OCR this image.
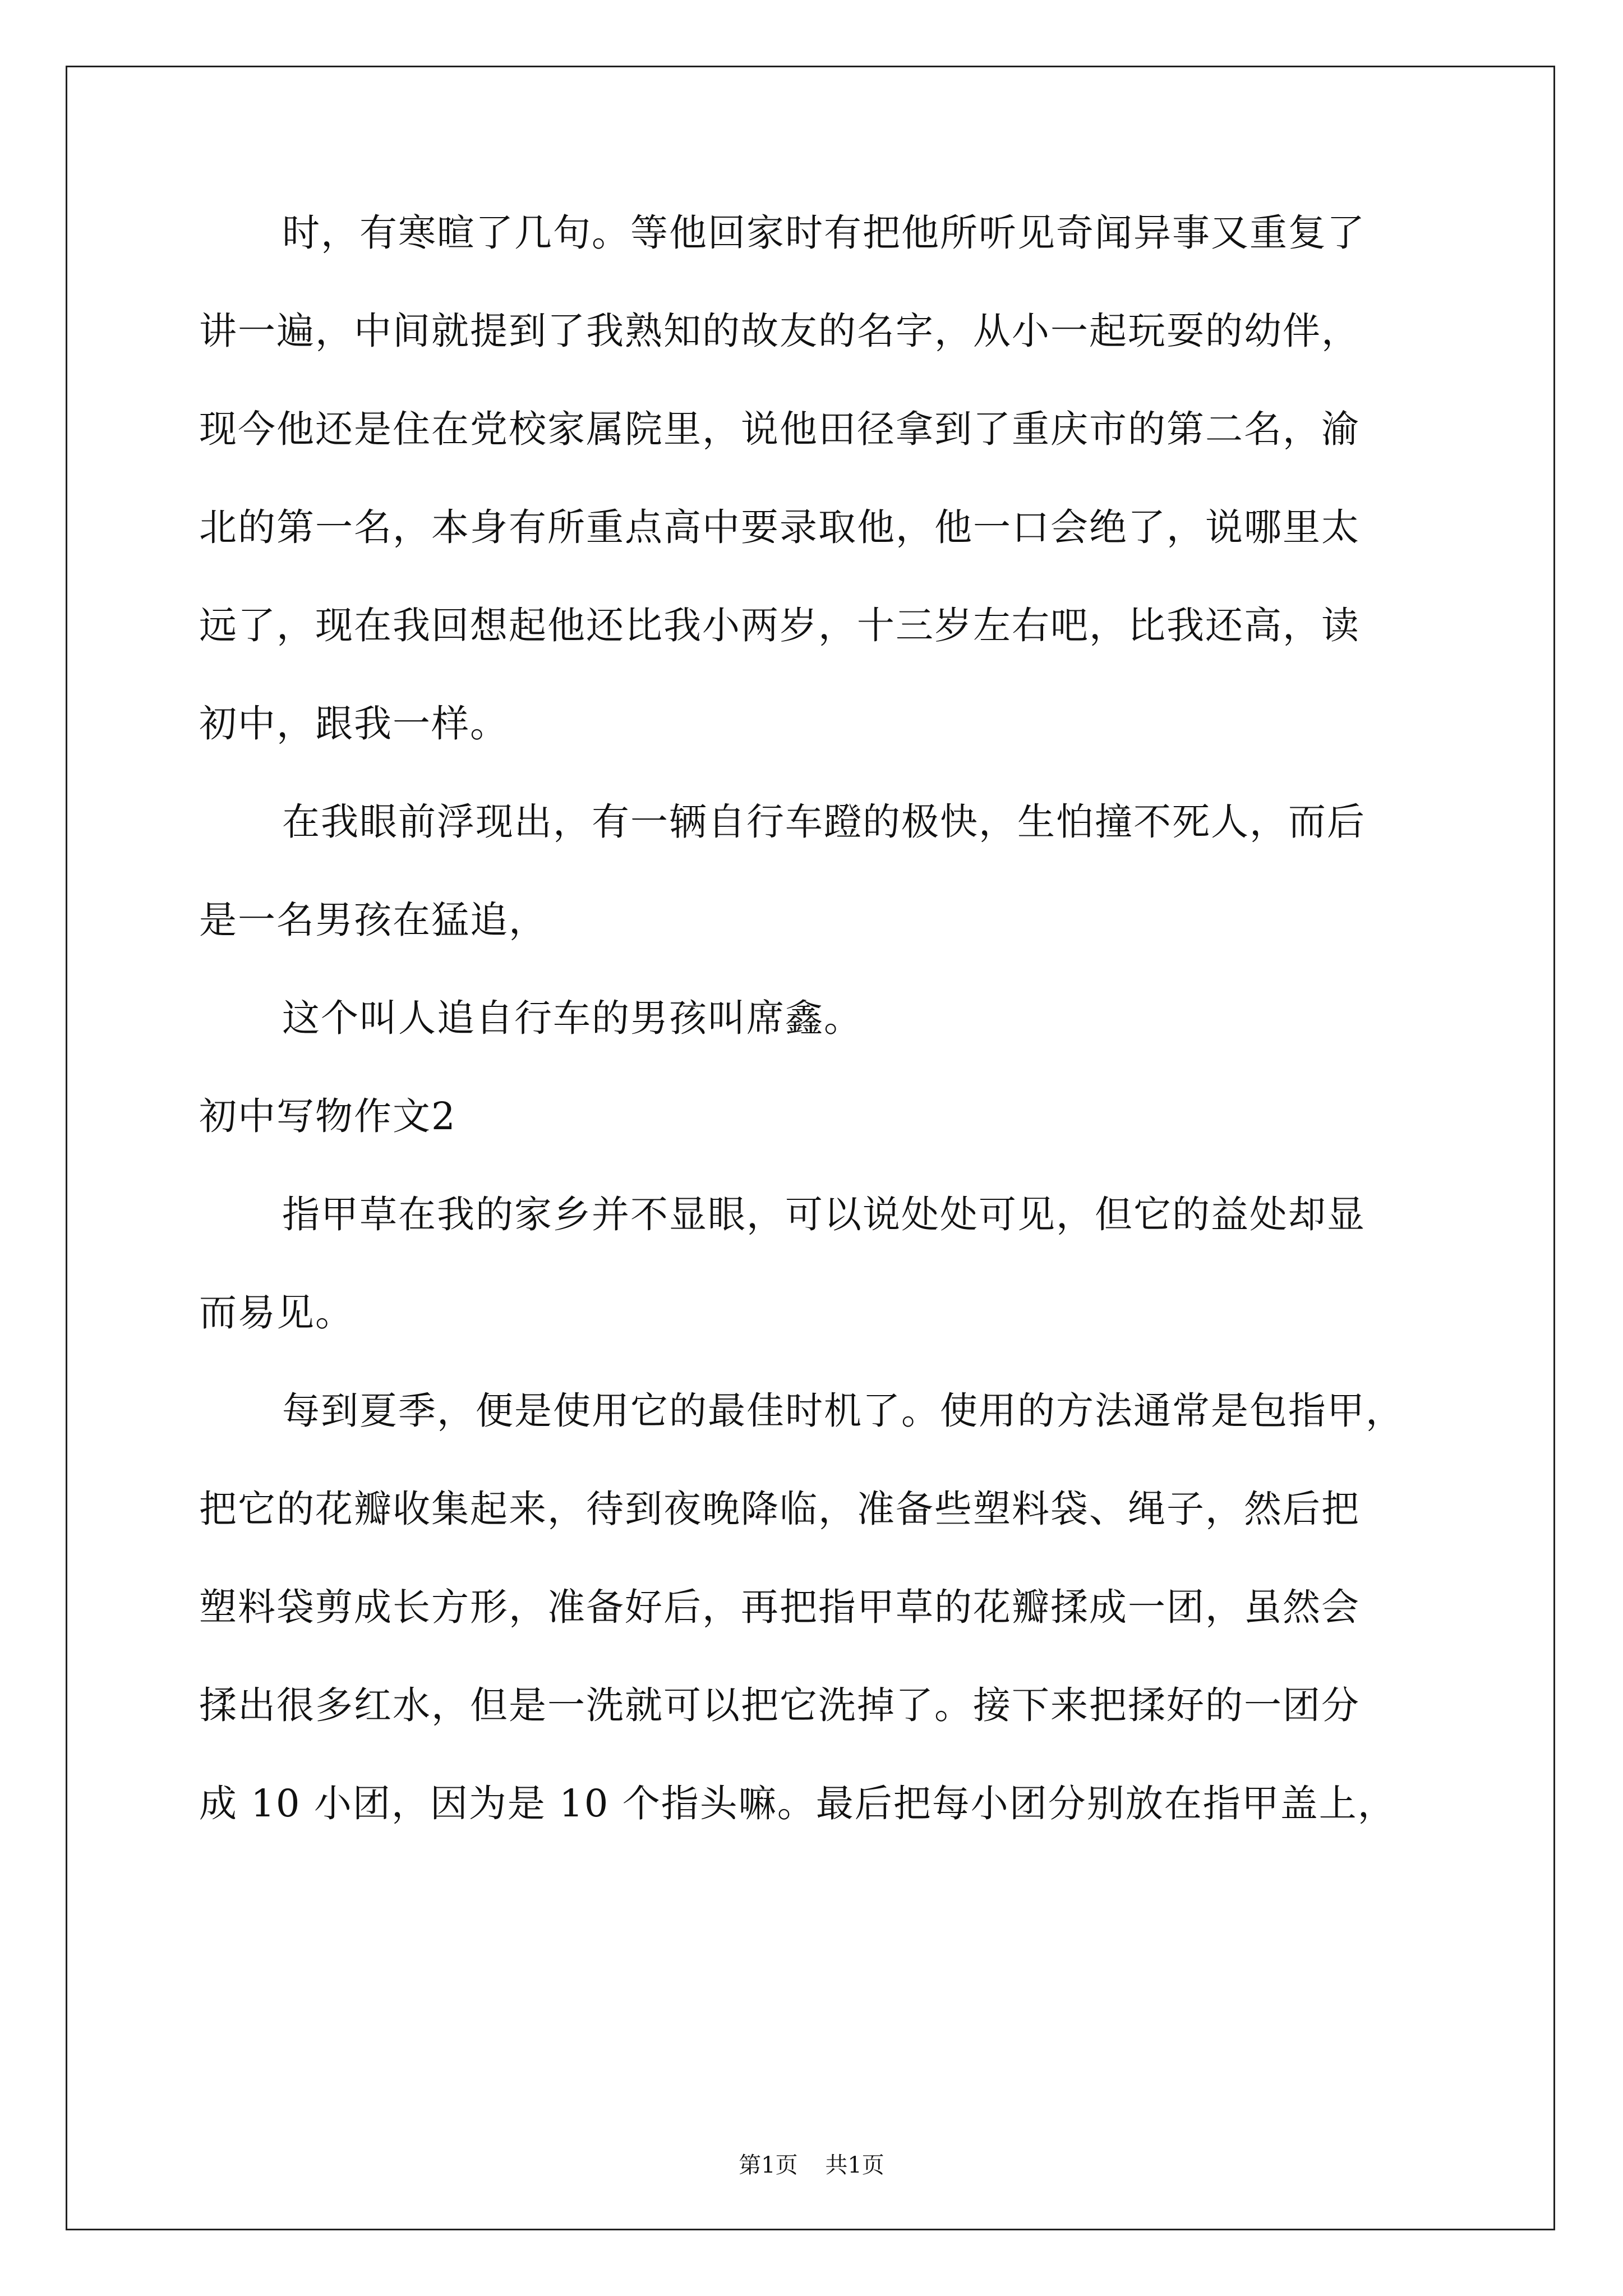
时，有寒暄了几句。等他回家时有把他所听见奇闻异事又重复了
讲一遍，中间就提到了我熟知的故友的名字，从小一起玩耍的幼伴，
现今他还是住在党校家属院里，说他田径拿到了重庆市的第二名，渝
北的第一名，本身有所重点高中要录取他，他一口会绝了，说哪里太
远了，现在我回想起他还比我小两岁，十三岁左右吧，比我还高，读
初中，跟我一样。
在我眼前浮现出，有一辆自行车蹬的极快，生怕撞不死人，而后
是一名男孩在猛追，
这个叫人追自行车的男孩叫席鑫。
初中写物作文2
指甲草在我的家乡并不显眼，可以说处处可见，但它的益处却显
而易见。
每到夏季，便是使用它的最佳时机了。使用的方法通常是包指甲，
把它的花瓣收集起来，待到夜晚降临，准备些塑料袋、绳子，然后把
塑料袋剪成长方形，准备好后，再把指甲草的花瓣揉成一团，虽然会
揉出很多红水，但是一洗就可以把它洗掉了。接下来把揉好的一团分
成 10 小团，因为是 10 个指头嘛。最后把每小团分别放在指甲盖上，
第1页 共1页
